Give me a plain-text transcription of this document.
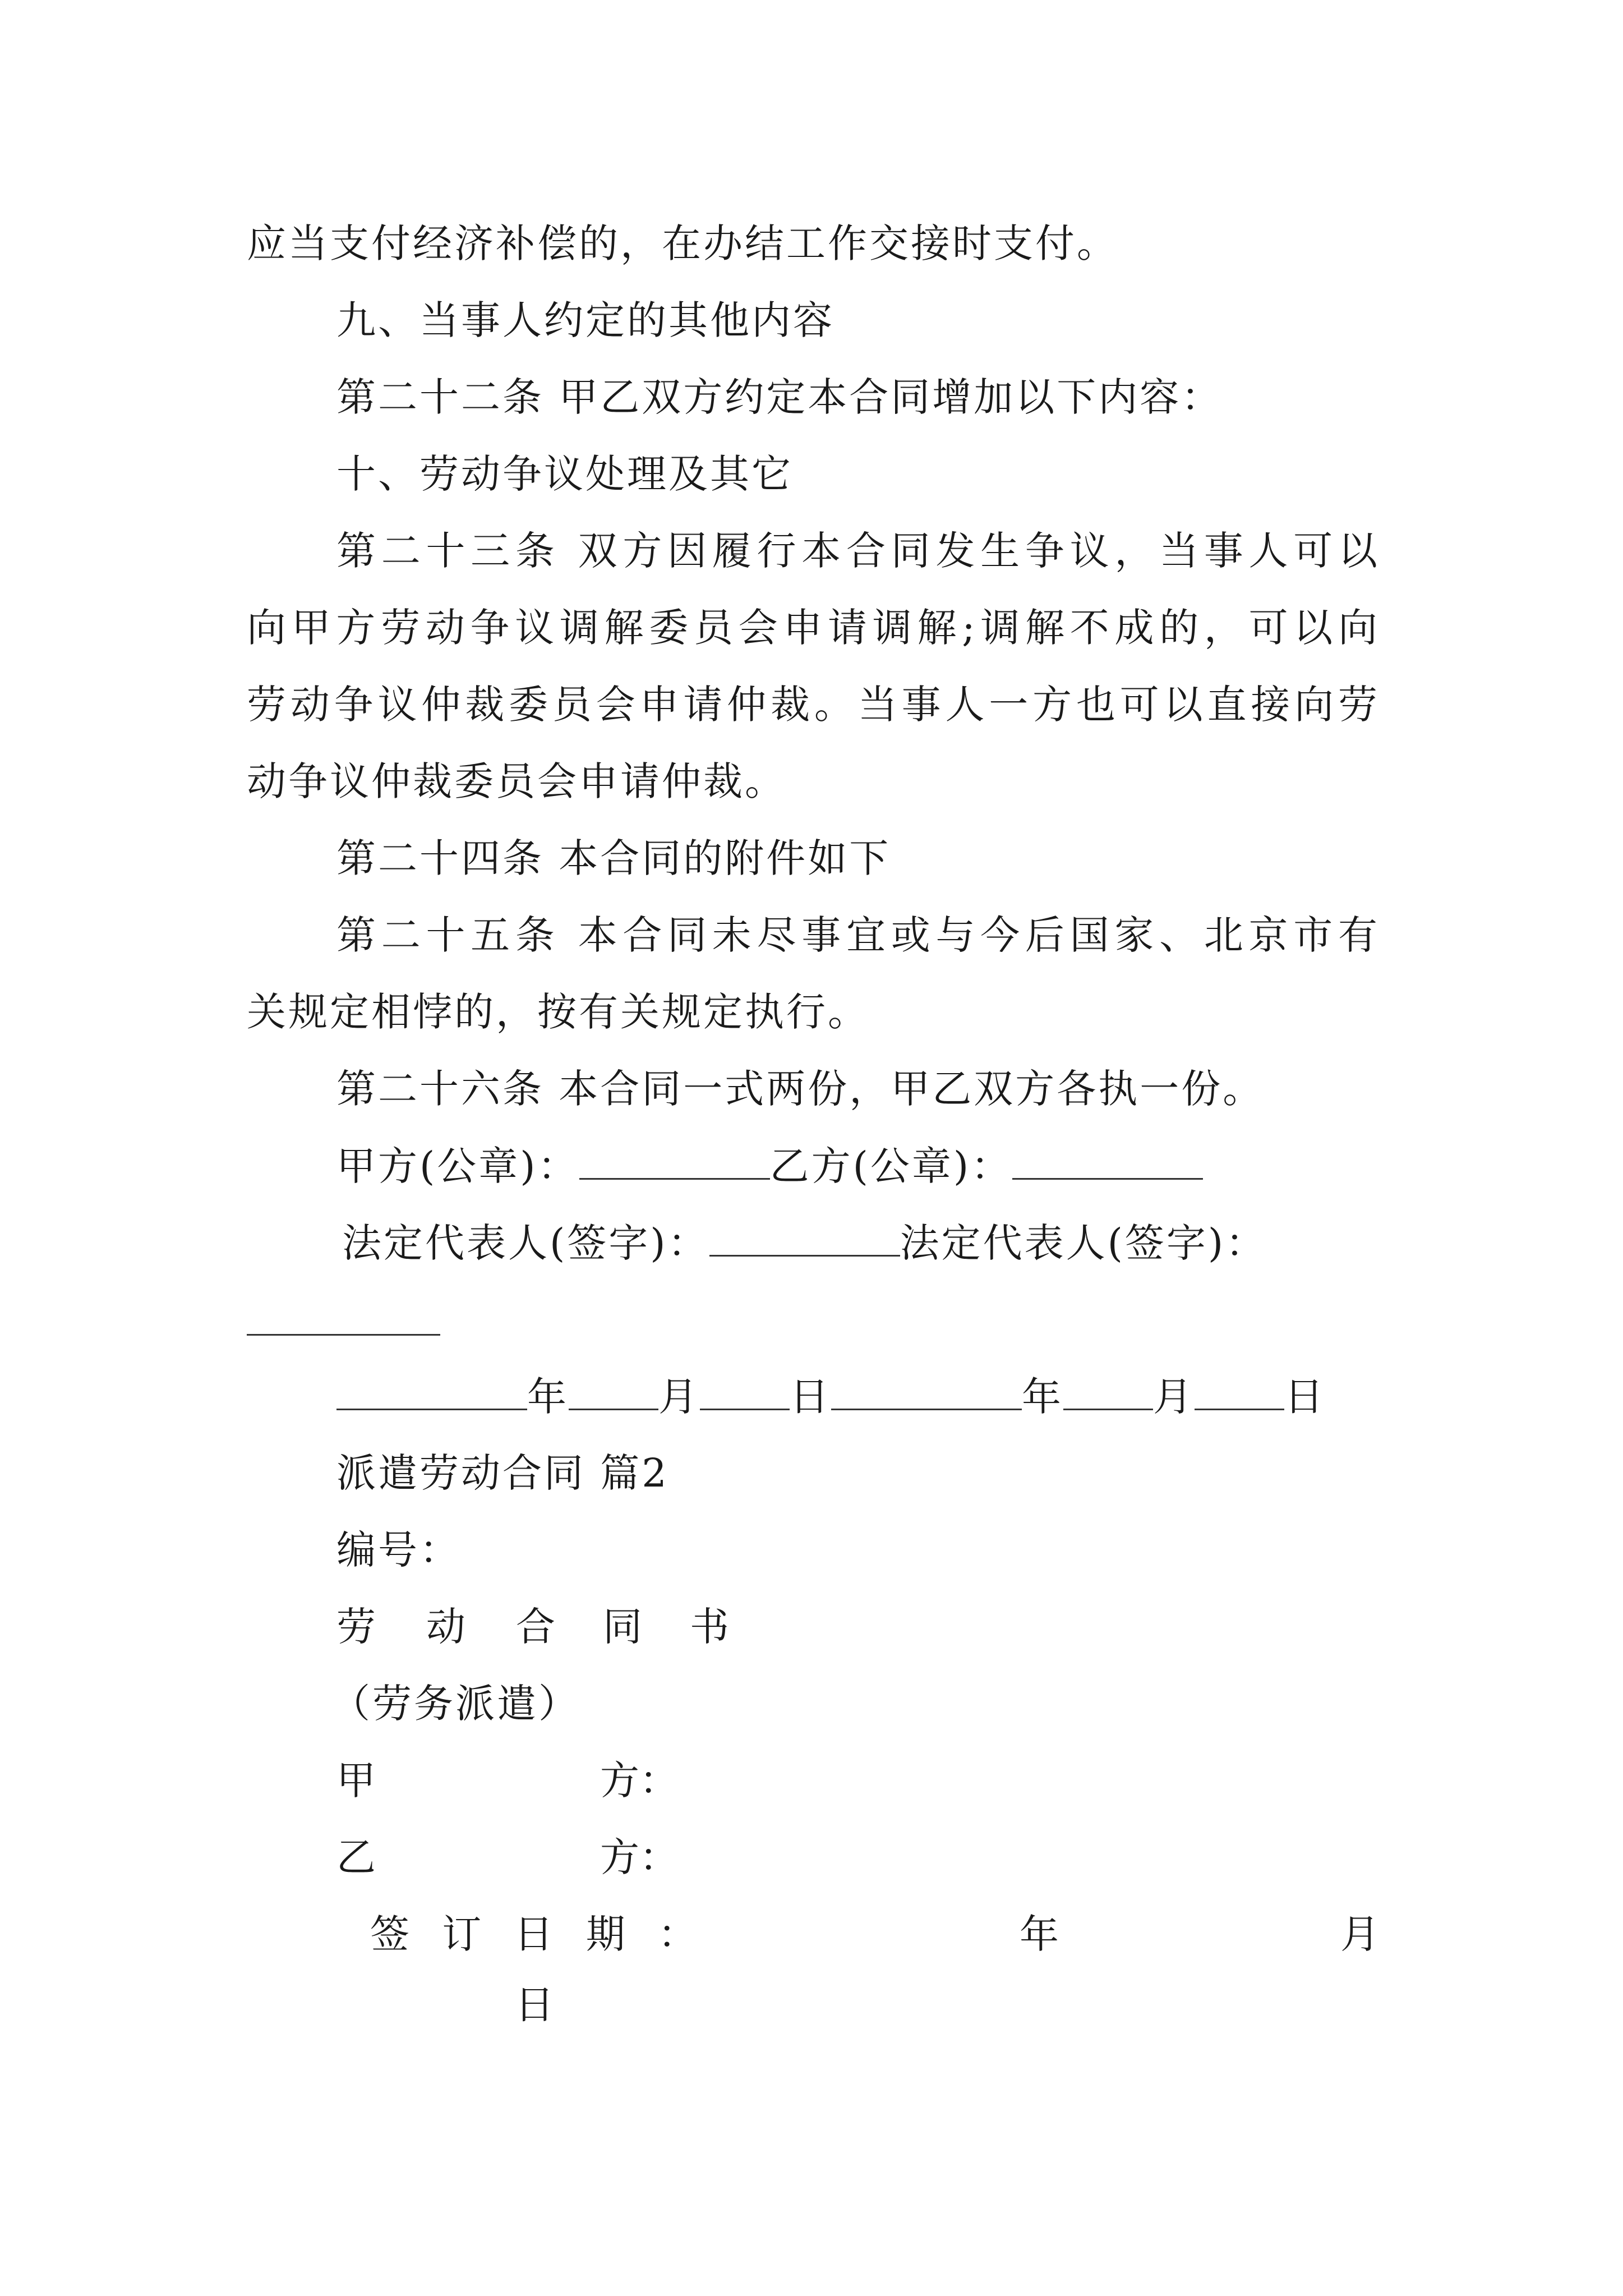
应当支付经济补偿的，在办结工作交接时支付。
九、当事人约定的其他内容
第二十二条 甲乙双方约定本合同增加以下内容：
十、劳动争议处理及其它
第二十三条 双方因履行本合同发生争议，当事人可以
向甲方劳动争议调解委员会申请调解;调解不成的，可以向
劳动争议仲裁委员会申请仲裁。当事人一方也可以直接向劳
动争议仲裁委员会申请仲裁。
第二十四条 本合同的附件如下
第二十五条 本合同未尽事宜或与今后国家、北京市有
关规定相悖的，按有关规定执行。
第二十六条 本合同一式两份，甲乙双方各执一份。
甲方(公章)：	乙方(公章)：
法定代表人(签字)：	法定代表人(签字)：
年 月 日	年 月 日
派遣劳动合同 篇2
编号：
劳 动 合 同 书
（劳务派遣）
甲	方：
乙	方：
签 订 日 期 ：	年	月
日
